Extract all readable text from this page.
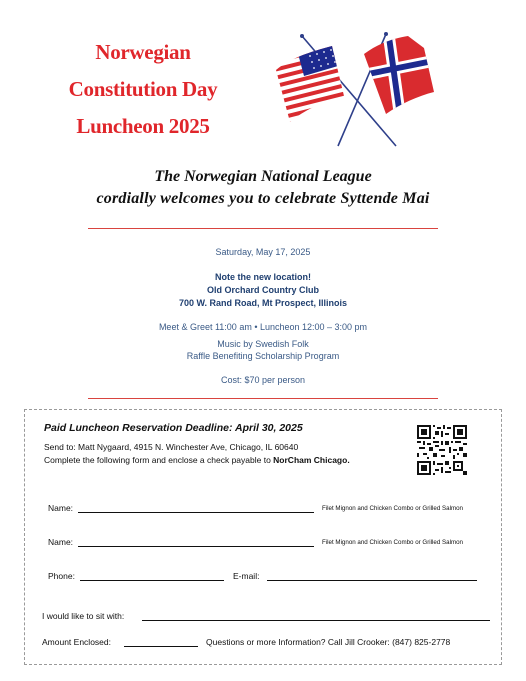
Norwegian
Constitution Day
Luncheon 2025
The Norwegian National League
cordially welcomes you to celebrate Syttende Mai
Saturday, May 17, 2025
Note the new location!
Old Orchard Country Club
700 W. Rand Road, Mt Prospect, Illinois
Meet & Greet 11:00 am • Luncheon 12:00 – 3:00 pm
Music by Swedish Folk
Raffle Benefiting Scholarship Program
Cost: $70 per person
Paid Luncheon Reservation Deadline: April 30, 2025
Send to: Matt Nygaard, 4915 N. Winchester Ave, Chicago, IL 60640
Complete the following form and enclose a check payable to NorCham Chicago.
Name:	Filet Mignon and Chicken Combo or Grilled Salmon
Name:	Filet Mignon and Chicken Combo or Grilled Salmon
Phone:	E-mail:
I would like to sit with:
Amount Enclosed:	Questions or more Information? Call Jill Crooker: (847) 825-2778
